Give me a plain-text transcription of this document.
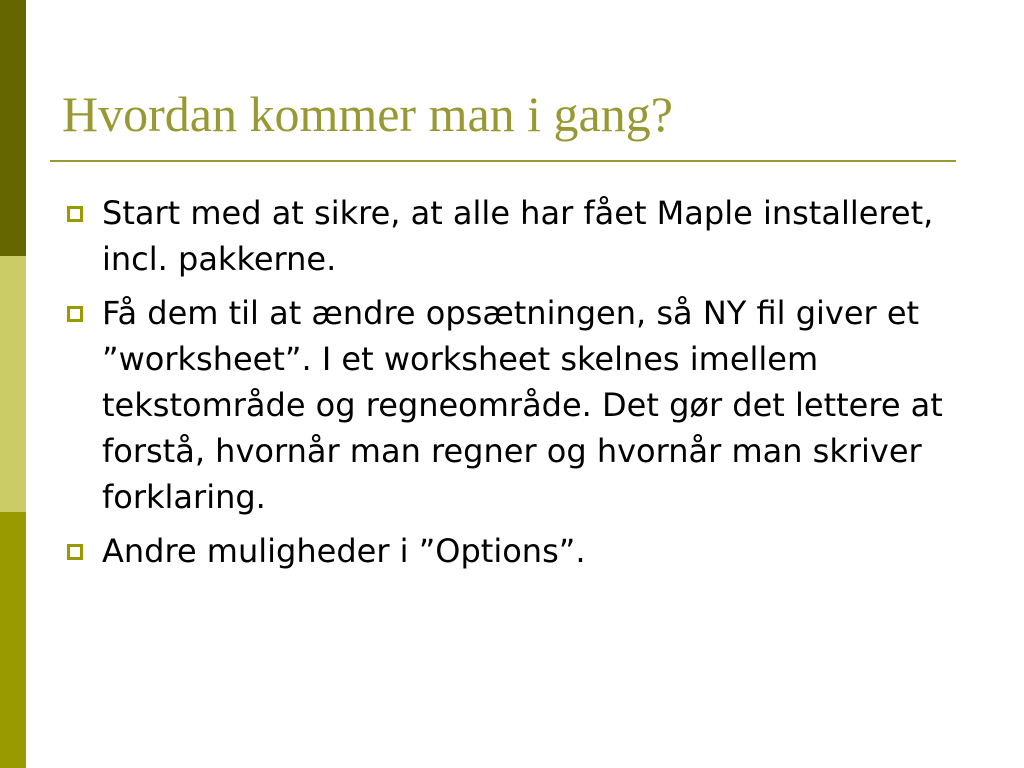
Hvordan kommer man i gang?
Start med at sikre, at alle har fået Maple installeret, incl. pakkerne.
Få dem til at ændre opsætningen, så NY fil giver et ”worksheet”. I et worksheet skelnes imellem tekstområde og regneområde. Det gør det lettere at forstå, hvornår man regner og hvornår man skriver forklaring.
Andre muligheder i ”Options”.
